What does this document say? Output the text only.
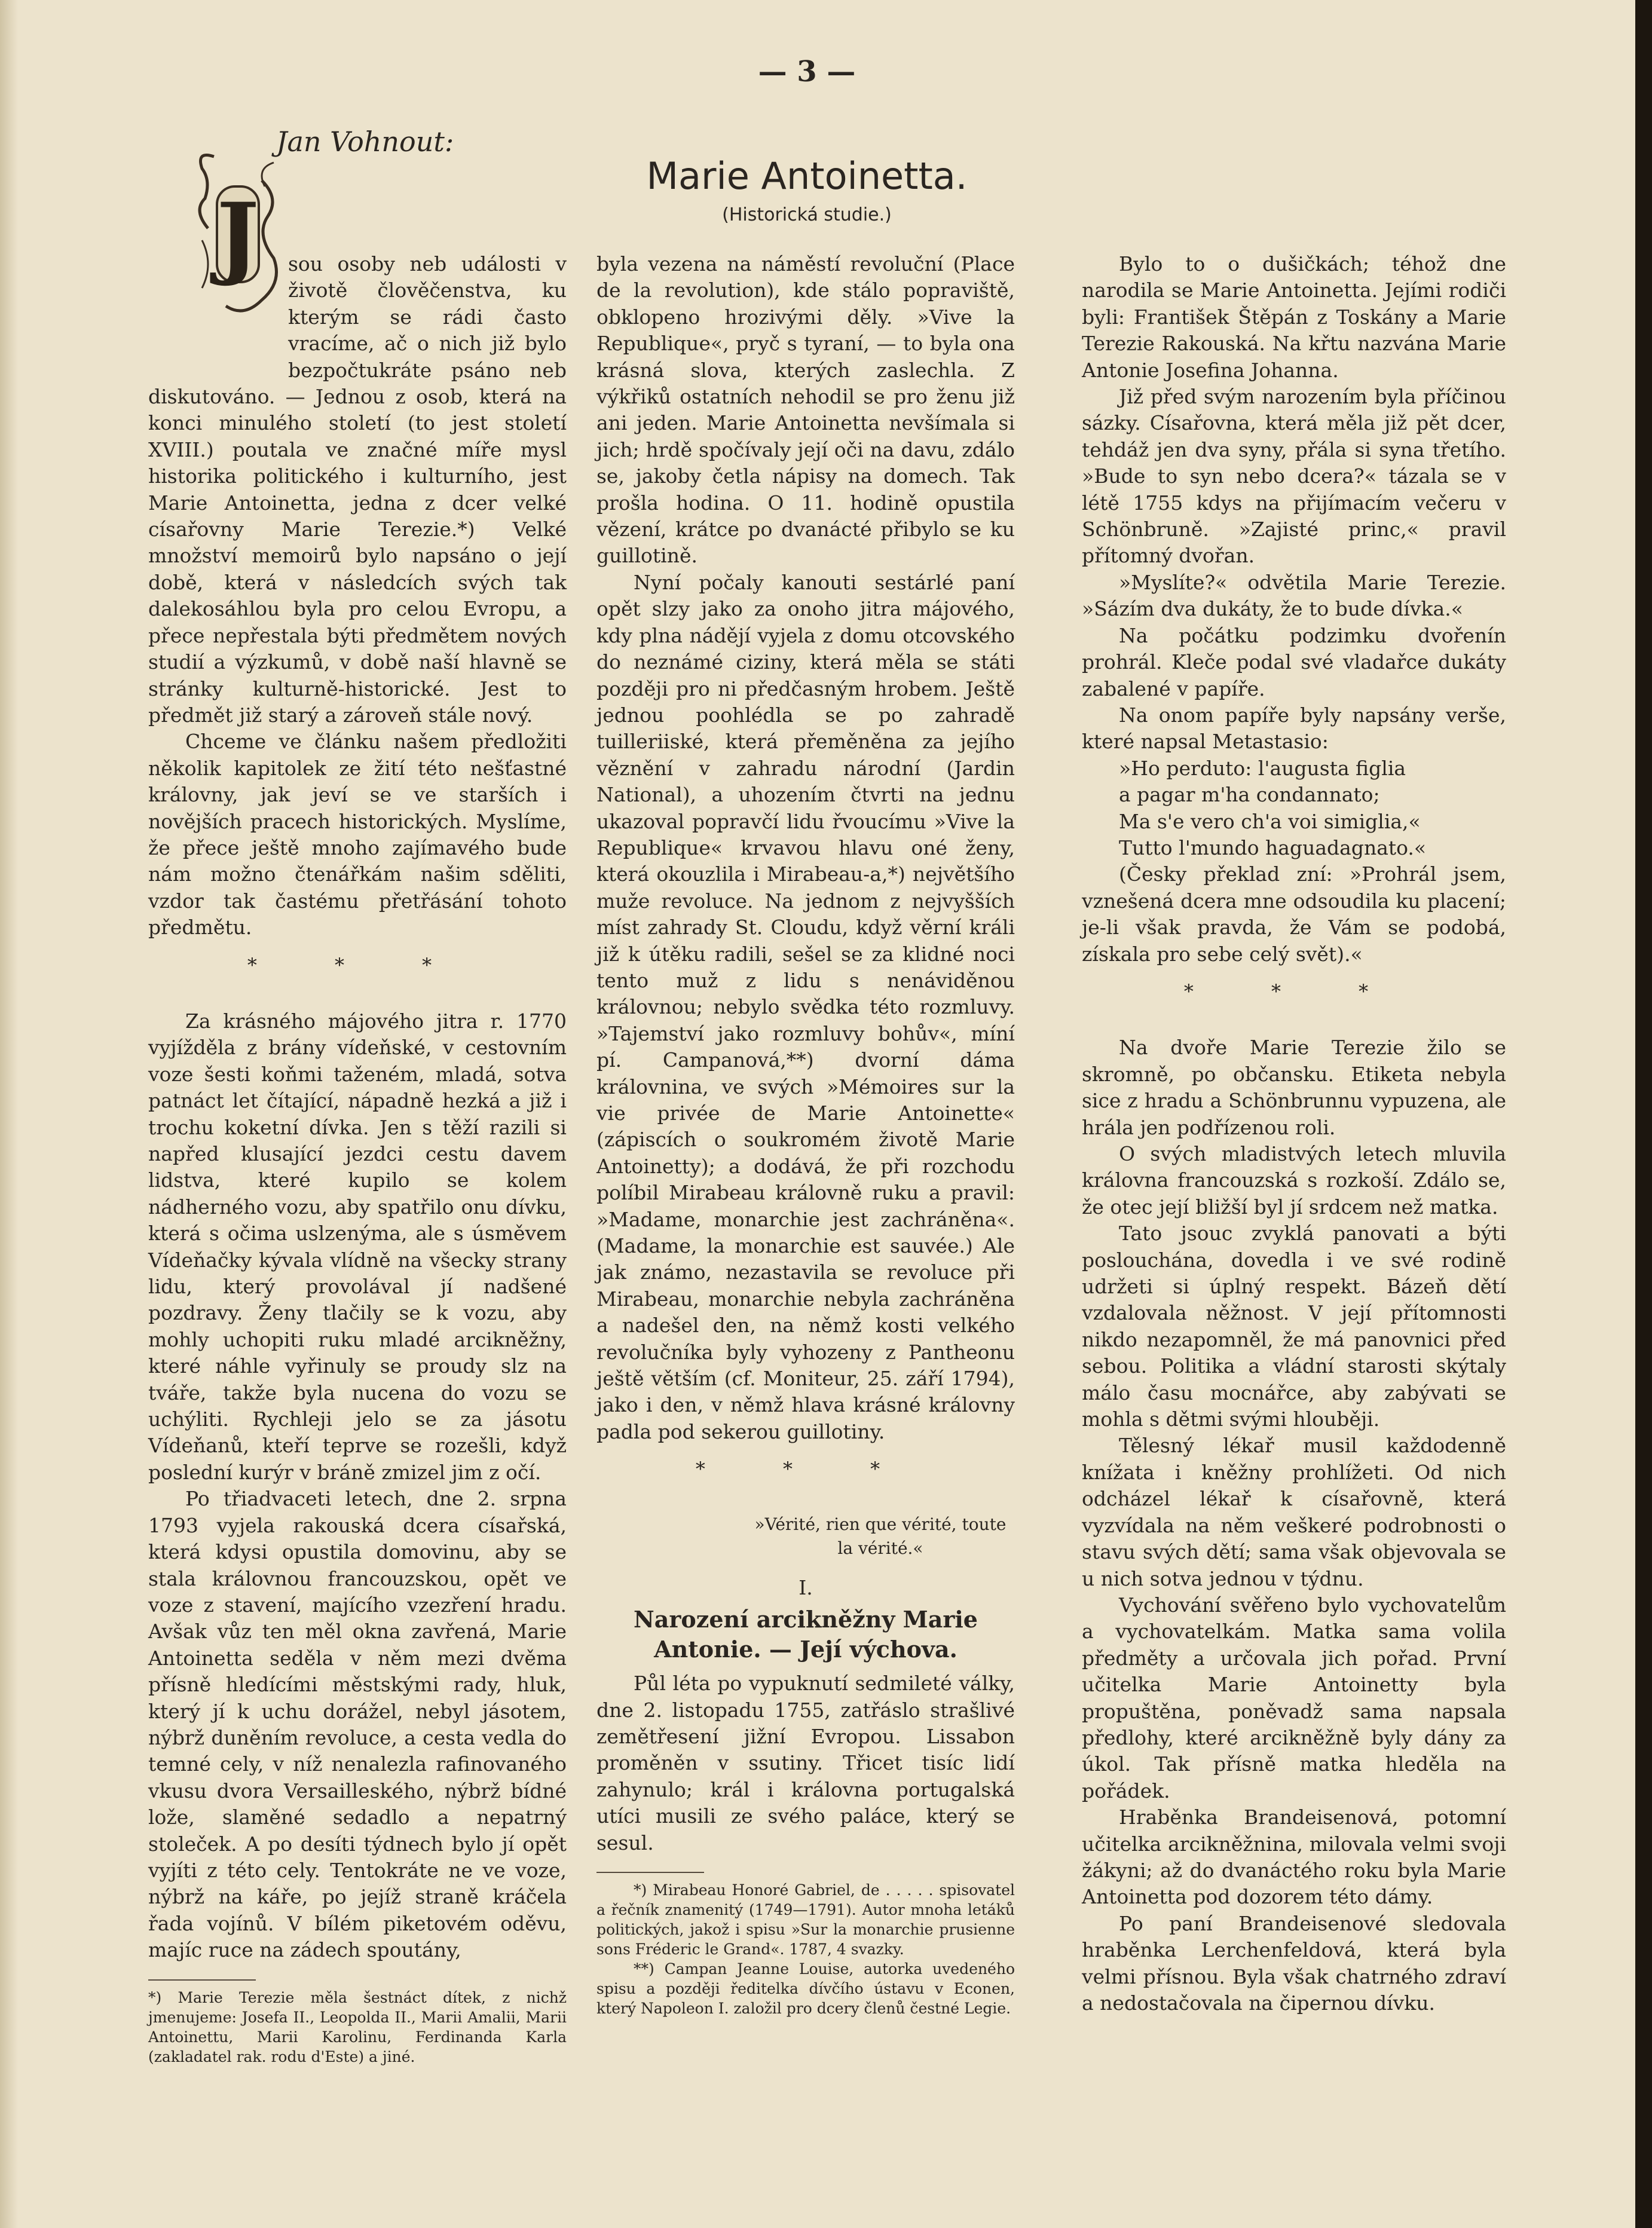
— 3 —
Jan Vohnout:
Marie Antoinetta.
(Historická studie.)
J	sou osoby neb události v životě člověčenstva, ku kterým se rádi často vracíme, ač o nich již bylo bezpočtukráte psáno neb diskutováno. — Jednou z osob, která na konci minulého století (to jest století XVIII.) poutala ve značné míře mysl historika politického i kulturního, jest Marie Antoinetta, jedna z dcer velké císařovny Marie Terezie.*) Velké množství memoirů bylo napsáno o její době, která v následcích svých tak dalekosáhlou byla pro celou Evropu, a přece nepřestala býti předmětem nových studií a výzkumů, v době naší hlavně se stránky kulturně-historické. Jest to předmět již starý a zároveň stále nový.

Chceme ve článku našem předložiti několik kapitolek ze žití této nešťastné královny, jak jeví se ve starších i novějších pracech historických. Myslíme, že přece ještě mnoho zajímavého bude nám možno čtenářkám našim sděliti, vzdor tak častému přetřásání tohoto předmětu.

* * *

Za krásného májového jitra r. 1770 vyjížděla z brány vídeňské, v cestovním voze šesti koňmi taženém, mladá, sotva patnáct let čítající, nápadně hezká a již i trochu koketní dívka. Jen s těží razili si napřed klusající jezdci cestu davem lidstva, které kupilo se kolem nádherného vozu, aby spatřilo onu dívku, která s očima uslzenýma, ale s úsměvem Vídeňačky kývala vlídně na všecky strany lidu, který provolával jí nadšené pozdravy. Ženy tlačily se k vozu, aby mohly uchopiti ruku mladé arcikněžny, které náhle vyřinuly se proudy slz na tváře, takže byla nucena do vozu se uchýliti. Rychleji jelo se za jásotu Vídeňanů, kteří teprve se rozešli, když poslední kurýr v bráně zmizel jim z očí.

Po třiadvaceti letech, dne 2. srpna 1793 vyjela rakouská dcera císařská, která kdysi opustila domovinu, aby se stala královnou francouzskou, opět ve voze z stavení, majícího vzezření hradu. Avšak vůz ten měl okna zavřená, Marie Antoinetta seděla v něm mezi dvěma přísně hledícími městskými rady, hluk, který jí k uchu dorážel, nebyl jásotem, nýbrž duněním revoluce, a cesta vedla do temné cely, v níž nenalezla rafinovaného vkusu dvora Versailleského, nýbrž bídné lože, slaměné sedadlo a nepatrný stoleček. A po desíti týdnech bylo jí opět vyjíti z této cely. Tentokráte ne ve voze, nýbrž na káře, po jejíž straně kráčela řada vojínů. V bílém piketovém oděvu, majíc ruce na zádech spoutány,

*) Marie Terezie měla šestnáct dítek, z nichž jmenujeme: Josefa II., Leopolda II., Marii Amalii, Marii Antoinettu, Marii Karolinu, Ferdinanda Karla (zakladatel rak. rodu d'Este) a jiné.

byla vezena na náměstí revoluční (Place de la revolution), kde stálo popraviště, obklopeno hrozivými děly. »Vive la Republique«, pryč s tyraní, — to byla ona krásná slova, kterých zaslechla. Z výkřiků ostatních nehodil se pro ženu již ani jeden. Marie Antoinetta nevšímala si jich; hrdě spočívaly její oči na davu, zdálo se, jakoby četla nápisy na domech. Tak prošla hodina. O 11. hodině opustila vězení, krátce po dvanácté přibylo se ku guillotině.

Nyní počaly kanouti sestárlé paní opět slzy jako za onoho jitra májového, kdy plna nádějí vyjela z domu otcovského do neznámé ciziny, která měla se státi později pro ni předčasným hrobem. Ještě jednou poohlédla se po zahradě tuilleriiské, která přeměněna za jejího věznění v zahradu národní (Jardin National), a uhozením čtvrti na jednu ukazoval popravčí lidu řvoucímu »Vive la Republique« krvavou hlavu oné ženy, která okouzlila i Mirabeau-a,*) největšího muže revoluce. Na jednom z nejvyšších míst zahrady St. Cloudu, když věrní králi již k útěku radili, sešel se za klidné noci tento muž z lidu s nenáviděnou královnou; nebylo svědka této rozmluvy. »Tajemství jako rozmluvy bohův«, míní pí. Campanová,**) dvorní dáma královnina, ve svých »Mémoires sur la vie privée de Marie Antoinette« (zápiscích o soukromém životě Marie Antoinetty); a dodává, že při rozchodu políbil Mirabeau královně ruku a pravil: »Madame, monarchie jest zachráněna«. (Madame, la monarchie est sauvée.) Ale jak známo, nezastavila se revoluce při Mirabeau, monarchie nebyla zachráněna a nadešel den, na němž kosti velkého revolučníka byly vyhozeny z Pantheonu ještě větším (cf. Moniteur, 25. září 1794), jako i den, v němž hlava krásné královny padla pod sekerou guillotiny.

* * *
»Vérité, rien que vérité, toute la vérité.«
I.
Narození arcikněžny Marie Antonie. — Její výchova.

Půl léta po vypuknutí sedmileté války, dne 2. listopadu 1755, zatřáslo strašlivé zemětřesení jižní Evropou. Lissabon proměněn v ssutiny. Třicet tisíc lidí zahynulo; král i královna portugalská utíci musili ze svého paláce, který se sesul.

*) Mirabeau Honoré Gabriel, de . . . . . spisovatel a řečník znamenitý (1749—1791). Autor mnoha letáků politických, jakož i spisu »Sur la monarchie prusienne sons Fréderic le Grand«. 1787, 4 svazky.

**) Campan Jeanne Louise, autorka uvedeného spisu a později ředitelka dívčího ústavu v Econen, který Napoleon I. založil pro dcery členů čestné Legie.

Bylo to o dušičkách; téhož dne narodila se Marie Antoinetta. Jejími rodiči byli: František Štěpán z Toskány a Marie Terezie Rakouská. Na křtu nazvána Marie Antonie Josefina Johanna.

Již před svým narozením byla příčinou sázky. Císařovna, která měla již pět dcer, tehdáž jen dva syny, přála si syna třetího. »Bude to syn nebo dcera?« tázala se v létě 1755 kdys na přijímacím večeru v Schönbruně. »Zajisté princ,« pravil přítomný dvořan.

»Myslíte?« odvětila Marie Terezie. »Sázím dva dukáty, že to bude dívka.«

Na počátku podzimku dvořenín prohrál. Kleče podal své vladařce dukáty zabalené v papíře.

Na onom papíře byly napsány verše, které napsal Metastasio:

»Ho perduto: l'augusta figlia

a pagar m'ha condannato;

Ma s'e vero ch'a voi simiglia,«

Tutto l'mundo haguadagnato.«

(Česky překlad zní: »Prohrál jsem, vznešená dcera mne odsoudila ku placení; je-li však pravda, že Vám se podobá, získala pro sebe celý svět).«

* * *

Na dvoře Marie Terezie žilo se skromně, po občansku. Etiketa nebyla sice z hradu a Schönbrunnu vypuzena, ale hrála jen podřízenou roli.

O svých mladistvých letech mluvila královna francouzská s rozkoší. Zdálo se, že otec její bližší byl jí srdcem než matka.

Tato jsouc zvyklá panovati a býti poslouchána, dovedla i ve své rodině udržeti si úplný respekt. Bázeň dětí vzdalovala něžnost. V její přítomnosti nikdo nezapomněl, že má panovnici před sebou. Politika a vládní starosti skýtaly málo času mocnářce, aby zabývati se mohla s dětmi svými hlouběji.

Tělesný lékař musil každodenně knížata i kněžny prohlížeti. Od nich odcházel lékař k císařovně, která vyzvídala na něm veškeré podrobnosti o stavu svých dětí; sama však objevovala se u nich sotva jednou v týdnu.

Vychování svěřeno bylo vychovatelům a vychovatelkám. Matka sama volila předměty a určovala jich pořad. První učitelka Marie Antoinetty byla propuštěna, poněvadž sama napsala předlohy, které arcikněžně byly dány za úkol. Tak přísně matka hleděla na pořádek.

Hraběnka Brandeisenová, potomní učitelka arcikněžnina, milovala velmi svoji žákyni; až do dvanáctého roku byla Marie Antoinetta pod dozorem této dámy.

Po paní Brandeisenové sledovala hraběnka Lerchenfeldová, která byla velmi přísnou. Byla však chatrného zdraví a nedostačovala na čipernou dívku.
